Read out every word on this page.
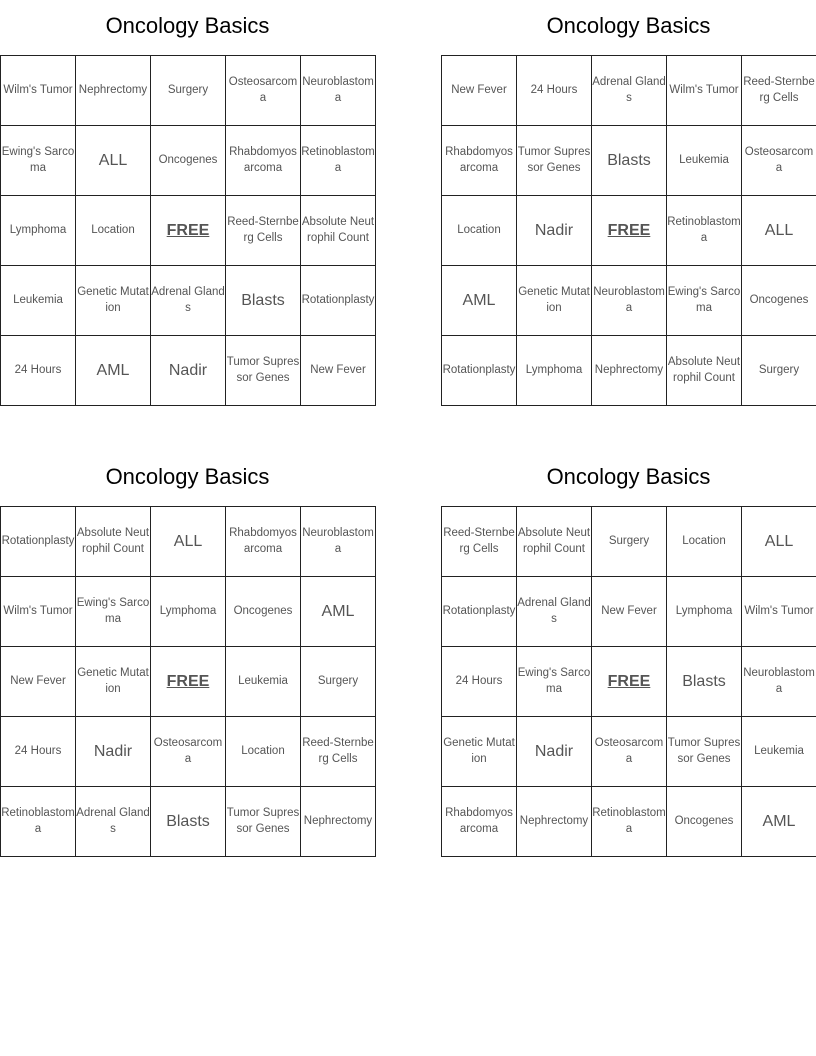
Oncology Basics
Wilm's Tumor	Nephrectomy	Surgery	Osteosarcoma	Neuroblastoma
Ewing's Sarcoma	ALL	Oncogenes	Rhabdomyosarcoma	Retinoblastoma
Lymphoma	Location	FREE	Reed-Sternberg Cells	Absolute Neutrophil Count
Leukemia	Genetic Mutation	Adrenal Glands	Blasts	Rotationplasty
24 Hours	AML	Nadir	Tumor Supressor Genes	New Fever
Oncology Basics
New Fever	24 Hours	Adrenal Glands	Wilm's Tumor	Reed-Sternberg Cells
Rhabdomyosarcoma	Tumor Supressor Genes	Blasts	Leukemia	Osteosarcoma
Location	Nadir	FREE	Retinoblastoma	ALL
AML	Genetic Mutation	Neuroblastoma	Ewing's Sarcoma	Oncogenes
Rotationplasty	Lymphoma	Nephrectomy	Absolute Neutrophil Count	Surgery
Oncology Basics
Rotationplasty	Absolute Neutrophil Count	ALL	Rhabdomyosarcoma	Neuroblastoma
Wilm's Tumor	Ewing's Sarcoma	Lymphoma	Oncogenes	AML
New Fever	Genetic Mutation	FREE	Leukemia	Surgery
24 Hours	Nadir	Osteosarcoma	Location	Reed-Sternberg Cells
Retinoblastoma	Adrenal Glands	Blasts	Tumor Supressor Genes	Nephrectomy
Oncology Basics
Reed-Sternberg Cells	Absolute Neutrophil Count	Surgery	Location	ALL
Rotationplasty	Adrenal Glands	New Fever	Lymphoma	Wilm's Tumor
24 Hours	Ewing's Sarcoma	FREE	Blasts	Neuroblastoma
Genetic Mutation	Nadir	Osteosarcoma	Tumor Supressor Genes	Leukemia
Rhabdomyosarcoma	Nephrectomy	Retinoblastoma	Oncogenes	AML
